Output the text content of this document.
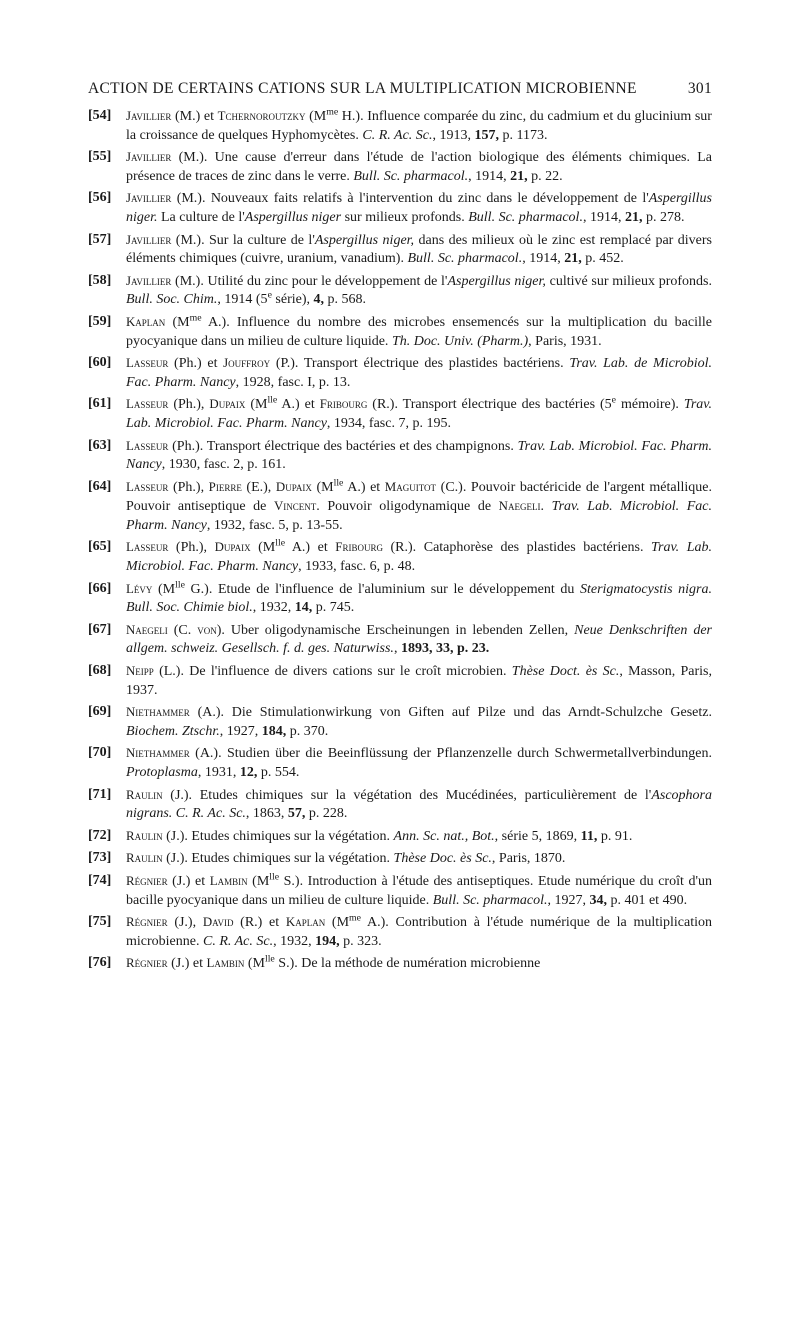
ACTION DE CERTAINS CATIONS SUR LA MULTIPLICATION MICROBIENNE	301
[54] Javillier (M.) et Tchernoroutzky ($M^{me}$ H.). Influence comparée du zinc, du cadmium et du glucinium sur la croissance de quelques Hyphomycètes. C. R. Ac. Sc., 1913, 157, p. 1173.
[55] Javillier (M.). Une cause d'erreur dans l'étude de l'action biologique des éléments chimiques. La présence de traces de zinc dans le verre. Bull. Sc. pharmacol., 1914, 21, p. 22.
[56] Javillier (M.). Nouveaux faits relatifs à l'intervention du zinc dans le développement de l'Aspergillus niger. La culture de l'Aspergillus niger sur milieux profonds. Bull. Sc. pharmacol., 1914, 21, p. 278.
[57] Javillier (M.). Sur la culture de l'Aspergillus niger, dans des milieux où le zinc est remplacé par divers éléments chimiques (cuivre, uranium, vanadium). Bull. Sc. pharmacol., 1914, 21, p. 452.
[58] Javillier (M.). Utilité du zinc pour le développement de l'Aspergillus niger, cultivé sur milieux profonds. Bull. Soc. Chim., 1914 (5e série), 4, p. 568.
[59] Kaplan ($M^{me}$ A.). Influence du nombre des microbes ensemencés sur la multiplication du bacille pyocyanique dans un milieu de culture liquide. Th. Doc. Univ. (Pharm.), Paris, 1931.
[60] Lasseur (Ph.) et Jouffroy (P.). Transport électrique des plastides bactériens. Trav. Lab. de Microbiol. Fac. Pharm. Nancy, 1928, fasc. I, p. 13.
[61] Lasseur (Ph.), Dupaix ($M^{lle}$ A.) et Fribourg (R.). Transport électrique des bactéries (5e mémoire). Trav. Lab. Microbiol. Fac. Pharm. Nancy, 1934, fasc. 7, p. 195.
[63] Lasseur (Ph.). Transport électrique des bactéries et des champignons. Trav. Lab. Microbiol. Fac. Pharm. Nancy, 1930, fasc. 2, p. 161.
[64] Lasseur (Ph.), Pierre (E.), Dupaix ($M^{lle}$ A.) et Maguitot (C.). Pouvoir bactéricide de l'argent métallique. Pouvoir antiseptique de Vincent. Pouvoir oligodynamique de Naegeli. Trav. Lab. Microbiol. Fac. Pharm. Nancy, 1932, fasc. 5, p. 13-55.
[65] Lasseur (Ph.), Dupaix ($M^{lle}$ A.) et Fribourg (R.). Cataphorèse des plastides bactériens. Trav. Lab. Microbiol. Fac. Pharm. Nancy, 1933, fasc. 6, p. 48.
[66] Lévy ($M^{lle}$ G.). Etude de l'influence de l'aluminium sur le développement du Sterigmatocystis nigra. Bull. Soc. Chimie biol., 1932, 14, p. 745.
[67] Naegeli (C. von). Uber oligodynamische Erscheinungen in lebenden Zellen, Neue Denkschriften der allgem. schweiz. Gesellsch. f. d. ges. Naturwiss., 1893, 33, p. 23.
[68] Neipp (L.). De l'influence de divers cations sur le croît microbien. Thèse Doct. ès Sc., Masson, Paris, 1937.
[69] Niethammer (A.). Die Stimulationwirkung von Giften auf Pilze und das Arndt-Schulzche Gesetz. Biochem. Ztschr., 1927, 184, p. 370.
[70] Niethammer (A.). Studien über die Beeinflüssung der Pflanzenzelle durch Schwermetallverbindungen. Protoplasma, 1931, 12, p. 554.
[71] Raulin (J.). Etudes chimiques sur la végétation des Mucédinées, particulièrement de l'Ascophora nigrans. C. R. Ac. Sc., 1863, 57, p. 228.
[72] Raulin (J.). Etudes chimiques sur la végétation. Ann. Sc. nat., Bot., série 5, 1869, 11, p. 91.
[73] Raulin (J.). Etudes chimiques sur la végétation. Thèse Doc. ès Sc., Paris, 1870.
[74] Régnier (J.) et Lambin ($M^{lle}$ S.). Introduction à l'étude des antiseptiques. Etude numérique du croît d'un bacille pyocyanique dans un milieu de culture liquide. Bull. Sc. pharmacol., 1927, 34, p. 401 et 490.
[75] Régnier (J.), David (R.) et Kaplan ($M^{me}$ A.). Contribution à l'étude numérique de la multiplication microbienne. C. R. Ac. Sc., 1932, 194, p. 323.
[76] Régnier (J.) et Lambin ($M^{lle}$ S.). De la méthode de numération microbienne
